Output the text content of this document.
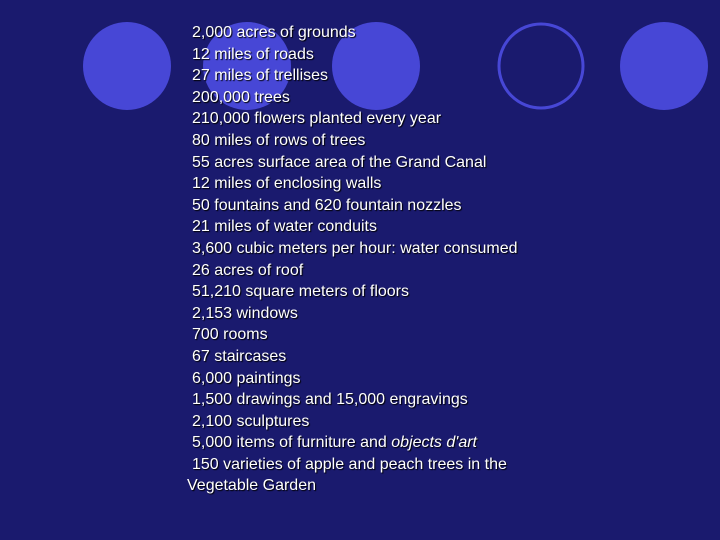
2,000 acres of grounds
12 miles of roads
27 miles of trellises
200,000 trees
210,000 flowers planted every year
80 miles of rows of trees
55 acres surface area of the Grand Canal
12 miles of enclosing walls
50 fountains and 620 fountain nozzles
21 miles of water conduits
3,600 cubic meters per hour: water consumed
26 acres of roof
51,210 square meters of floors
2,153 windows
700 rooms
67 staircases
6,000 paintings
1,500 drawings and 15,000 engravings
2,100 sculptures
5,000 items of furniture and objects d'art
150 varieties of apple and peach trees in the Vegetable Garden
